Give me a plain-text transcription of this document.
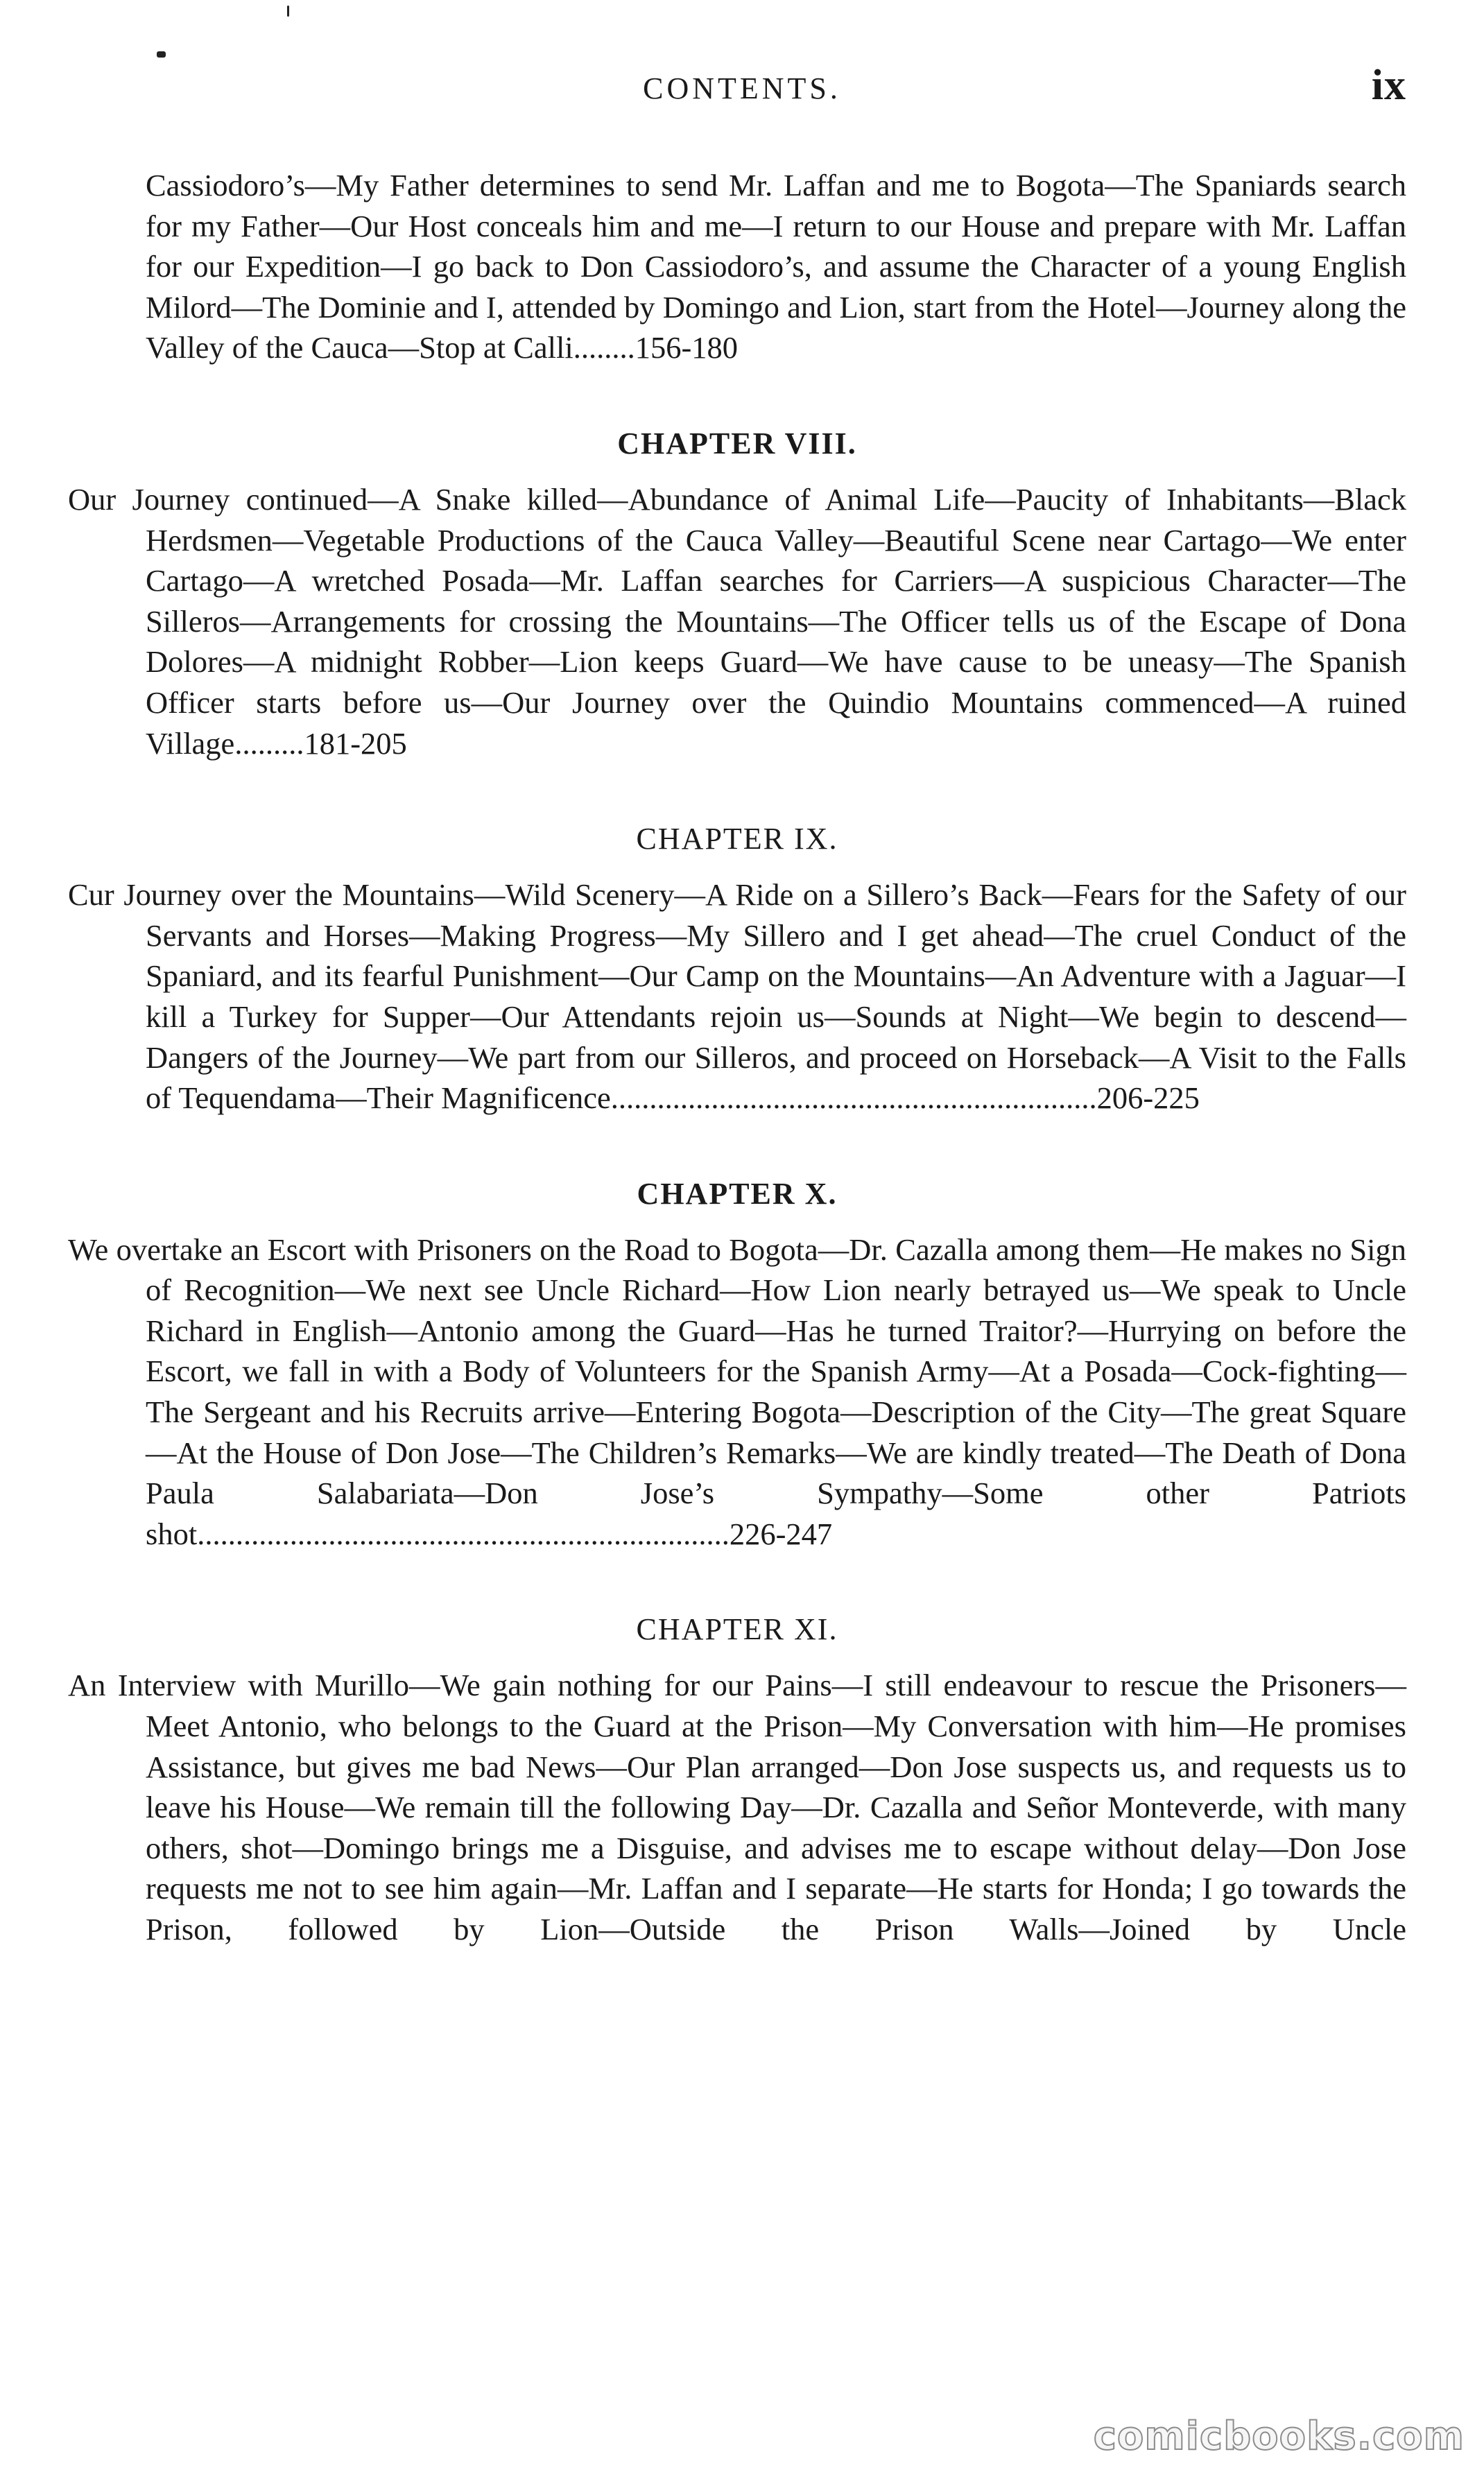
CONTENTS.	ix

Cassiodoro’s—My Father determines to send Mr. Laffan and me to Bogota—The Spaniards search for my Father—Our Host conceals him and me—I return to our House and prepare with Mr. Laffan for our Expedition—I go back to Don Cassiodoro’s, and assume the Character of a young English Milord—The Dominie and I, attended by Domingo and Lion, start from the Hotel—Journey along the Valley of the Cauca—Stop at Calli........156-180

CHAPTER VIII.

Our Journey continued—A Snake killed—Abundance of Animal Life—Paucity of Inhabitants—Black Herdsmen—Vegetable Productions of the Cauca Valley—Beautiful Scene near Cartago—We enter Cartago—A wretched Posada—Mr. Laffan searches for Carriers—A suspicious Character—The Silleros—Arrangements for crossing the Mountains—The Officer tells us of the Escape of Dona Dolores—A midnight Robber—Lion keeps Guard—We have cause to be uneasy—The Spanish Officer starts before us—Our Journey over the Quindio Mountains commenced—A ruined Village.........181-205

CHAPTER IX.

Cur Journey over the Mountains—Wild Scenery—A Ride on a Sillero’s Back—Fears for the Safety of our Servants and Horses—Making Progress—My Sillero and I get ahead—The cruel Conduct of the Spaniard, and its fearful Punishment—Our Camp on the Mountains—An Adventure with a Jaguar—I kill a Turkey for Supper—Our Attendants rejoin us—Sounds at Night—We begin to descend—Dangers of the Journey—We part from our Silleros, and proceed on Horseback—A Visit to the Falls of Tequendama—Their Magnificence...............................................................206-225

CHAPTER X.

We overtake an Escort with Prisoners on the Road to Bogota—Dr. Cazalla among them—He makes no Sign of Recognition—We next see Uncle Richard—How Lion nearly betrayed us—We speak to Uncle Richard in English—Antonio among the Guard—Has he turned Traitor?—Hurrying on before the Escort, we fall in with a Body of Volunteers for the Spanish Army—At a Posada—Cock-fighting—The Sergeant and his Recruits arrive—Entering Bogota—Description of the City—The great Square—At the House of Don Jose—The Children’s Remarks—We are kindly treated—The Death of Dona Paula Salabariata—Don Jose’s Sympathy—Some other Patriots shot.....................................................................226-247

CHAPTER XI.

An Interview with Murillo—We gain nothing for our Pains—I still endeavour to rescue the Prisoners—Meet Antonio, who belongs to the Guard at the Prison—My Conversation with him—He promises Assistance, but gives me bad News—Our Plan arranged—Don Jose suspects us, and requests us to leave his House—We remain till the following Day—Dr. Cazalla and Señor Monteverde, with many others, shot—Domingo brings me a Disguise, and advises me to escape without delay—Don Jose requests me not to see him again—Mr. Laffan and I separate—He starts for Honda; I go towards the Prison, followed by Lion—Outside the Prison Walls—Joined by Uncle

comicbooks.com
